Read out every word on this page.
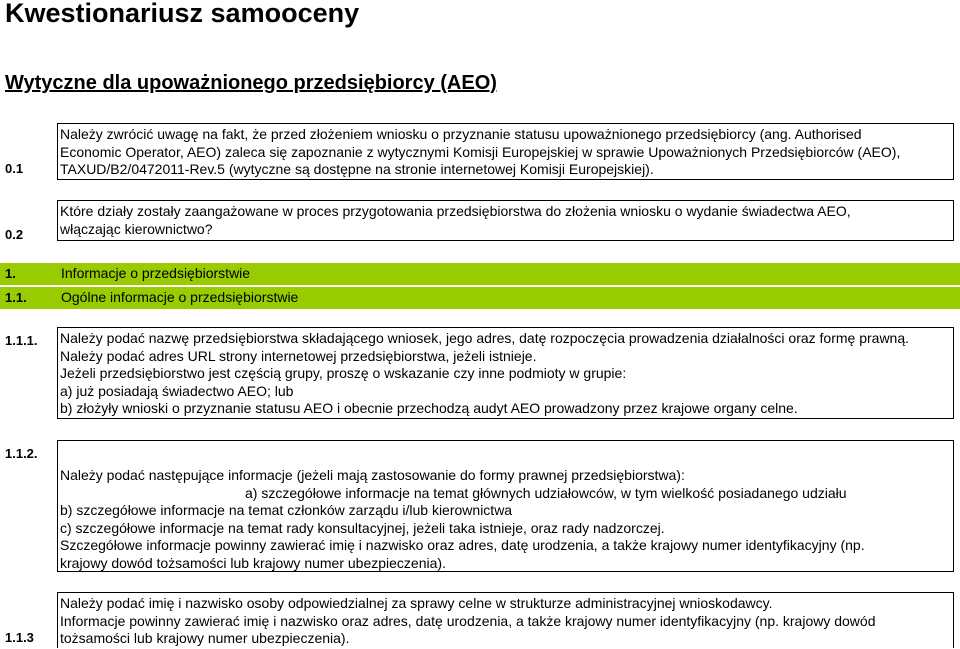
Kwestionariusz samooceny
Wytyczne dla upoważnionego przedsiębiorcy (AEO)
0.1
Należy zwrócić uwagę na fakt, że przed złożeniem wniosku o przyznanie statusu upoważnionego przedsiębiorcy (ang. Authorised
Economic Operator, AEO) zaleca się zapoznanie z wytycznymi Komisji Europejskiej w sprawie Upoważnionych Przedsiębiorców (AEO),
TAXUD/B2/0472011-Rev.5 (wytyczne są dostępne na stronie internetowej Komisji Europejskiej).
0.2
Które działy zostały zaangażowane w proces przygotowania przedsiębiorstwa do złożenia wniosku o wydanie świadectwa AEO,
włączając kierownictwo?
1.	Informacje o przedsiębiorstwie
1.1. Ogólne informacje o przedsiębiorstwie
1.1.1. Należy podać nazwę przedsiębiorstwa składającego wniosek, jego adres, datę rozpoczęcia prowadzenia działalności oraz formę prawną.
Należy podać adres URL strony internetowej przedsiębiorstwa, jeżeli istnieje.
Jeżeli przedsiębiorstwo jest częścią grupy, proszę o wskazanie czy inne podmioty w grupie:
a) już posiadają świadectwo AEO; lub
b) złożyły wnioski o przyznanie statusu AEO i obecnie przechodzą audyt AEO prowadzony przez krajowe organy celne.
1.1.2.
Należy podać następujące informacje (jeżeli mają zastosowanie do formy prawnej przedsiębiorstwa):
a) szczegółowe informacje na temat głównych udziałowców, w tym wielkość posiadanego udziału
b) szczegółowe informacje na temat członków zarządu i/lub kierownictwa
c) szczegółowe informacje na temat rady konsultacyjnej, jeżeli taka istnieje, oraz rady nadzorczej.
Szczegółowe informacje powinny zawierać imię i nazwisko oraz adres, datę urodzenia, a także krajowy numer identyfikacyjny (np.
krajowy dowód tożsamości lub krajowy numer ubezpieczenia).
1.1.3
Należy podać imię i nazwisko osoby odpowiedzialnej za sprawy celne w strukturze administracyjnej wnioskodawcy.
Informacje powinny zawierać imię i nazwisko oraz adres, datę urodzenia, a także krajowy numer identyfikacyjny (np. krajowy dowód
tożsamości lub krajowy numer ubezpieczenia).
